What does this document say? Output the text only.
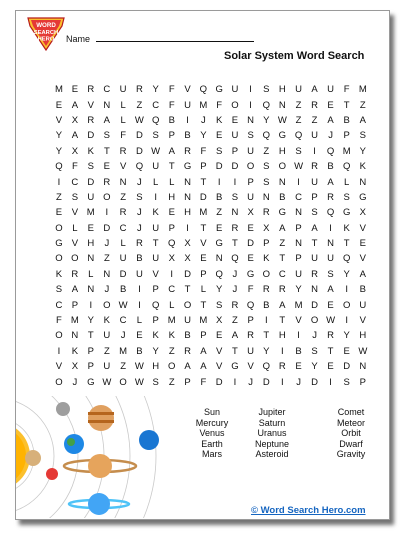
WORD
SEARCH
HERO Name
Solar System Word Search
M	E	R	C	U	R	Y	F	V	Q	G	U	I	S	H	U	A	U	F	M
E	A	V	N	L	Z	C	F	U	M	F	O	I	Q	N	Z	R	E	T	Z
V	X	R	A	L	W	Q	B	I	J	K	E	N	Y	W	Z	Z	A	B	A
Y	A	D	S	F	D	S	P	B	Y	E	U	S	Q	G	Q	U	J	P	S
Y	X	K	T	R	D	W	A	R	F	S	P	U	Z	H	S	I	Q	M	Y
Q	F	S	E	V	Q	U	T	G	P	D	D	O	S	O	W	R	B	Q	K
I	C	D	R	N	J	L	L	N	T	I	I	P	S	N	I	U	A	L	N
Z	S	U	O	Z	S	I	H	N	D	B	S	U	N	B	C	P	R	S	G
E	V	M	I	R	J	K	E	H	M	Z	N	X	R	G	N	S	Q	G	X
O	L	E	D	C	J	U	P	I	T	E	R	E	X	A	P	A	I	K	V
G	V	H	J	L	R	T	Q	X	V	G	T	D	P	Z	N	T	N	T	E
O	O	N	Z	U	B	U	X	X	E	N	Q	E	K	T	P	U	U	Q	V
K	R	L	N	D	U	V	I	D	P	Q	J	G	O	C	U	R	S	Y	A
S	A	N	J	B	I	P	C	T	L	Y	J	F	R	R	Y	N	A	I	B
C	P	I	O	W	I	Q	L	O	T	S	R	Q	B	A	M	D	E	O	U
F	M	Y	K	C	L	P	M	U	M	X	Z	P	I	T	V	O	W	I	V
O	N	T	U	J	E	K	K	B	P	E	A	R	T	H	I	J	R	Y	H
I	K	P	Z	M	B	Y	Z	R	A	V	T	U	Y	I	B	S	T	E	W
V	X	P	U	Z	W	H	O	A	A	V	G	V	Q	R	E	Y	E	D	N
O	J	G	W	O	W	S	Z	P	F	D	I	J	D	I	J	D	I	S	P
Sun
Mercury
Venus
Earth
Mars
Jupiter
Saturn
Uranus
Neptune
Asteroid
Comet
Meteor
Orbit
Dwarf
Gravity
© Word Search Hero.com
